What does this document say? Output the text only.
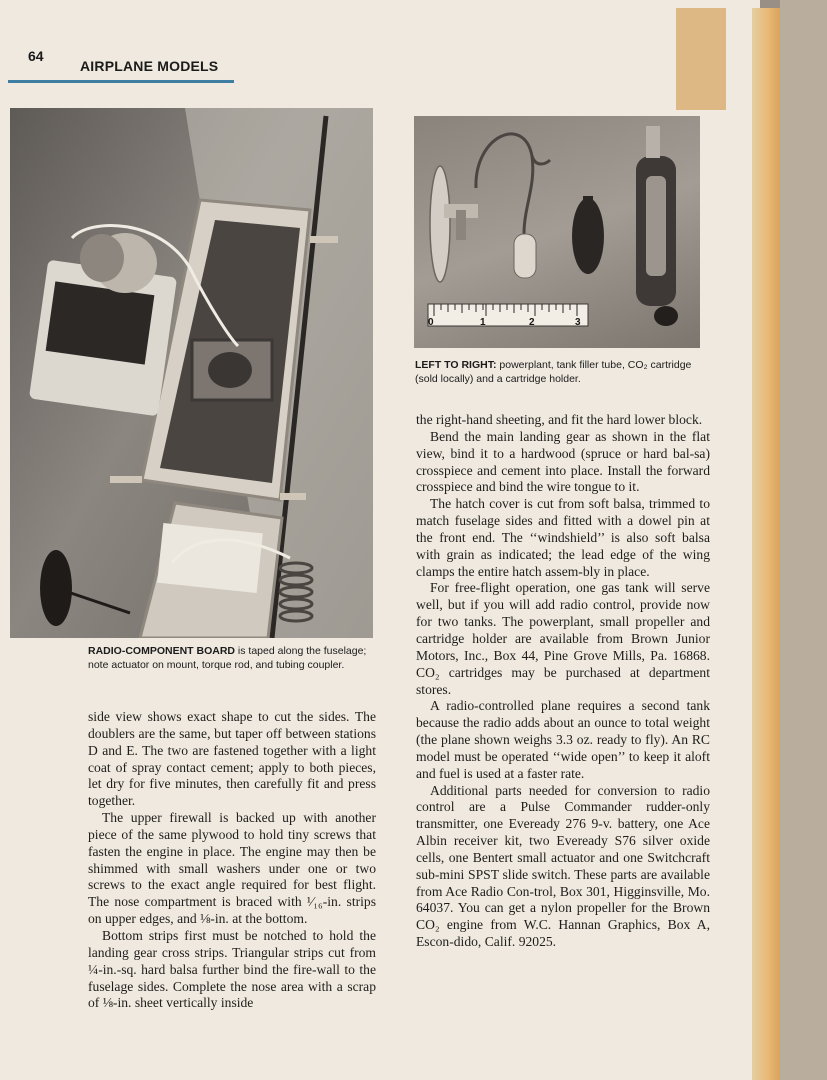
64
AIRPLANE MODELS
RADIO-COMPONENT BOARD is taped along the fuselage; note actuator on mount, torque rod, and tubing coupler.
0	1	2	3
LEFT TO RIGHT: powerplant, tank filler tube, CO₂ cartridge (sold locally) and a cartridge holder.

side view shows exact shape to cut the sides. The doublers are the same, but taper off between stations D and E. The two are fastened together with a light coat of spray contact cement; apply to both pieces, let dry for five minutes, then carefully fit and press together.

The upper firewall is backed up with another piece of the same plywood to hold tiny screws that fasten the engine in place. The engine may then be shimmed with small washers under one or two screws to the exact angle required for best flight. The nose compartment is braced with ¹⁄₁₆-in. strips on upper edges, and ⅛-in. at the bottom.

Bottom strips first must be notched to hold the landing gear cross strips. Triangular strips cut from ¼-in.-sq. hard balsa further bind the fire-wall to the fuselage sides. Complete the nose area with a scrap of ⅛-in. sheet vertically inside

the right-hand sheeting, and fit the hard lower block.

Bend the main landing gear as shown in the flat view, bind it to a hardwood (spruce or hard bal-sa) crosspiece and cement into place. Install the forward crosspiece and bind the wire tongue to it.

The hatch cover is cut from soft balsa, trimmed to match fuselage sides and fitted with a dowel pin at the front end. The ‘‘windshield’’ is also soft balsa with grain as indicated; the lead edge of the wing clamps the entire hatch assem-bly in place.

For free-flight operation, one gas tank will serve well, but if you will add radio control, provide now for two tanks. The powerplant, small propeller and cartridge holder are available from Brown Junior Motors, Inc., Box 44, Pine Grove Mills, Pa. 16868. CO₂ cartridges may be purchased at department stores.

A radio-controlled plane requires a second tank because the radio adds about an ounce to total weight (the plane shown weighs 3.3 oz. ready to fly). An RC model must be operated ‘‘wide open’’ to keep it aloft and fuel is used at a faster rate.

Additional parts needed for conversion to radio control are a Pulse Commander rudder-only transmitter, one Eveready 276 9-v. battery, one Ace Albin receiver kit, two Eveready S76 silver oxide cells, one Bentert small actuator and one Switchcraft sub-mini SPST slide switch. These parts are available from Ace Radio Con-trol, Box 301, Higginsville, Mo. 64037. You can get a nylon propeller for the Brown CO₂ engine from W.C. Hannan Graphics, Box A, Escon-dido, Calif. 92025.
